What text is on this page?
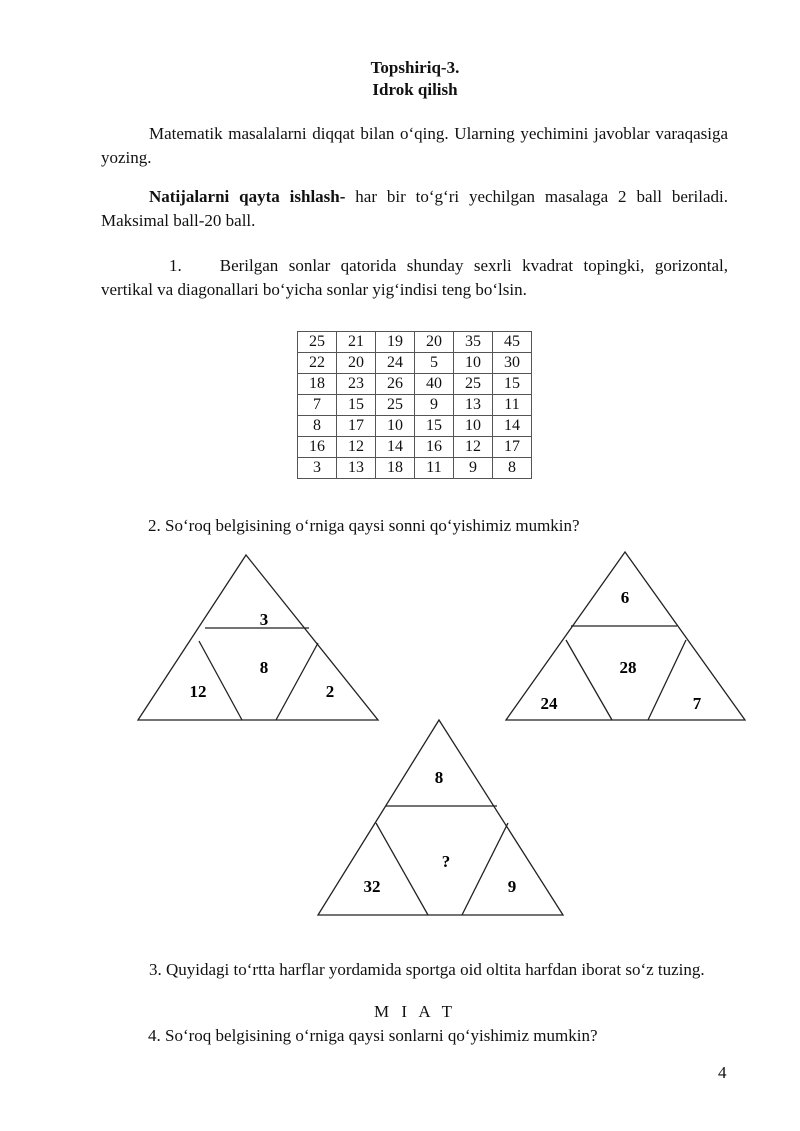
Topshiriq-3.
Idrok qilish
Matematik masalalarni diqqat bilan o‘qing. Ularning yechimini javoblar varaqasiga yozing.
Natijalarni qayta ishlash- har bir to‘g‘ri yechilgan masalaga 2 ball beriladi. Maksimal ball-20 ball.
1. Berilgan sonlar qatorida shunday sexrli kvadrat topingki, gorizontal, vertikal va diagonallari bo‘yicha sonlar yig‘indisi teng bo‘lsin.
25	21	19	20	35	45
22	20	24	5	10	30
18	23	26	40	25	15
7	15	25	9	13	11
8	17	10	15	10	14
16	12	14	16	12	17
3	13	18	11	9	8
2. So‘roq belgisining o‘rniga qaysi sonni qo‘yishimiz mumkin?
3
8
12	2
6
28
24	7
8
?
32	9
3. Quyidagi to‘rtta harflar yordamida sportga oid oltita harfdan iborat so‘z tuzing.
M I A T
4. So‘roq belgisining o‘rniga qaysi sonlarni qo‘yishimiz mumkin?
4
